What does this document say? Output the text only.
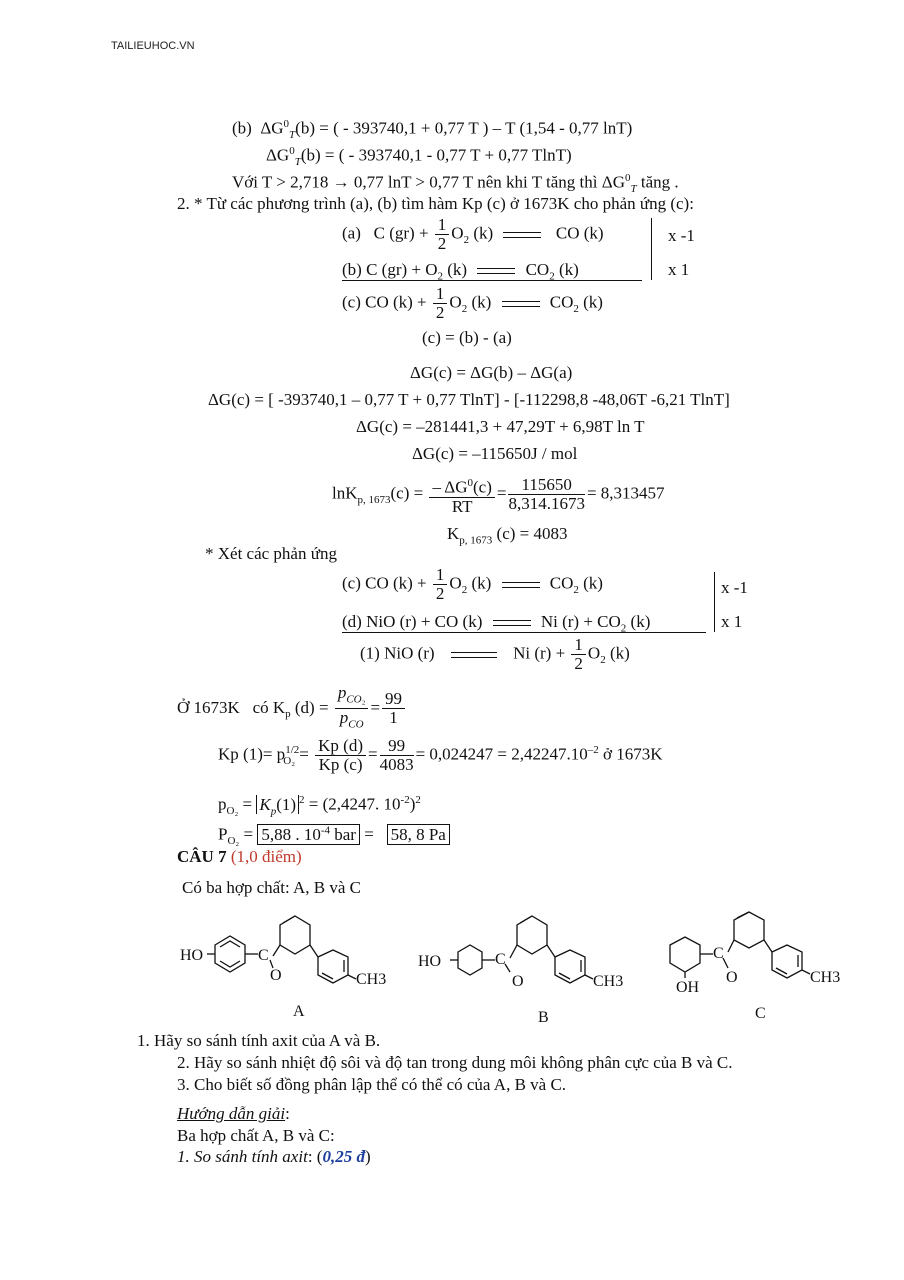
TAILIEUHOC.VN
(b) $\Delta G^0_T(b)$ = ( - 393740,1 + 0,77 T ) – T (1,54 - 0,77 lnT)
$\Delta G^0_T(b)$ = ( - 393740,1 - 0,77 T + 0,77 TlnT)
Với T > 2,718 → 0,77 lnT > 0,77 T nên khi T tăng thì $\Delta G^0_T$ tăng .
2. * Từ các phương trình (a), (b) tìm hàm Kp (c) ở 1673K cho phản ứng (c):
(a) C $(gr) + \frac{1}{2} O_2$ (k)	CO (k)	x -1
(b) C $(gr) + O_2$ (k)	$CO_2$ (k)	x 1
(c) CO $(k) + \frac{1}{2} O_2$ (k)	$CO_2$ (k)
(c) = (b) - (a)
ΔG(c) = ΔG(b) – ΔG(a)
ΔG(c) = [ -393740,1 – 0,77 T + 0,77 TlnT] - [-112298,8 -48,06T -6,21 TlnT]
ΔG(c) = –281441,3 + 47,29T + 6,98T ln T
ΔG(c) = –115650J / mol
$\ln K_{p, 1673}(c) = \frac{- \Delta G^0(c)}{RT} = \frac{115650}{8,314.1673} = 8,313457$
$K_{p, 1673}$ (c) = 4083
* Xét các phản ứng
(c) CO $(k) + \frac{1}{2} O_2$ (k)	$CO_2$ (k)	x -1
(d) NiO (r) + CO (k)	Ni $(r) + CO_2$ (k)	x 1
(1) NiO (r)	Ni $(r) + \frac{1}{2} O_2$ (k)
Ở 1673K có $K_p$ $(d) = \frac{p_{CO_2}}{p_{CO}} = \frac{99}{1}$
Kp $(1)= p^{1/2}_{O_2} = \frac{Kp (d)}{Kp (c)} = \frac{99}{4083} = 0,024247 = 2,42247.10^{-2}$ ở 1673K
$p_{O_2} = K_p(1) ^2 = (2,4247$. $10^{-2})^2$
$P_{O_2} = 5,88$ . $10^{-4}$ bar =   58, 8 Pa
CÂU 7 (1,0 điểm)
Có ba hợp chất: A, B và C
HO	C
O	CH3
HO	C
O	CH3
C
O
OH
CH3
A	B	C
1. Hãy so sánh tính axit của A và B.
2. Hãy so sánh nhiệt độ sôi và độ tan trong dung môi không phân cực của B và C.
3. Cho biết số đồng phân lập thể có thể có của A, B và C.
Hướng dẫn giải:
Ba hợp chất A, B và C:
1. So sánh tính axit: (0,25 đ)
